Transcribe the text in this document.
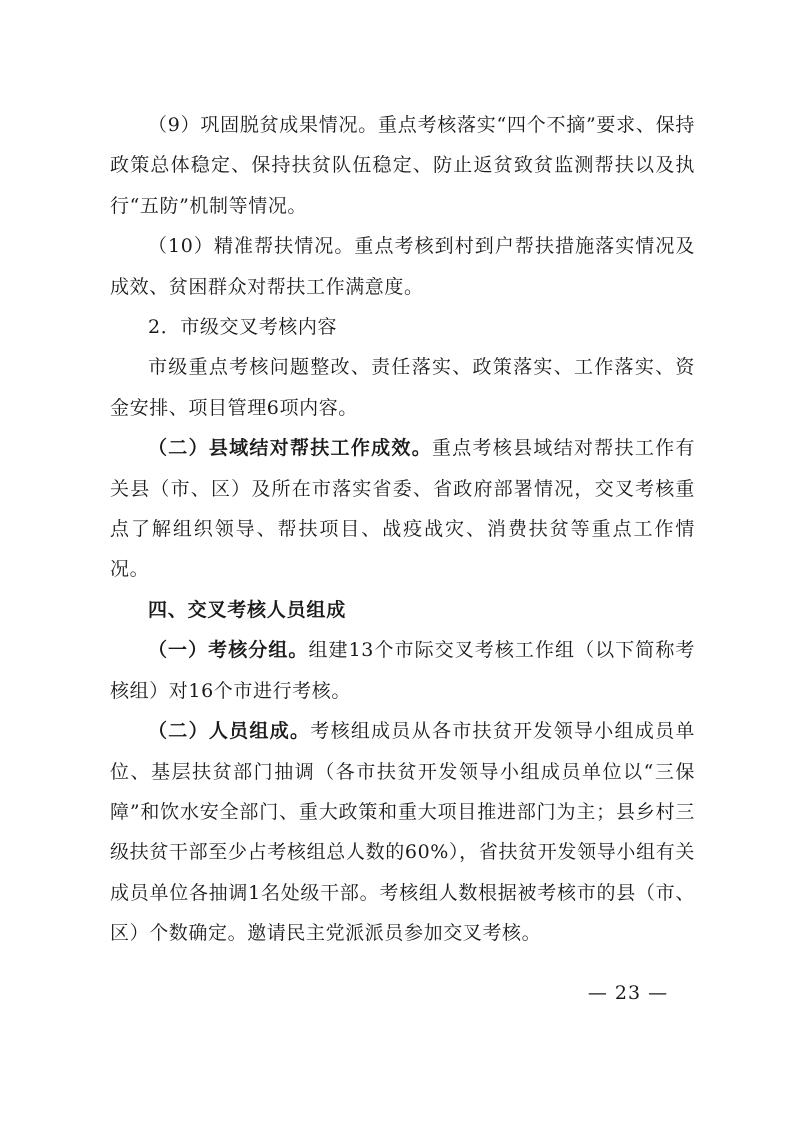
（9）巩固脱贫成果情况。重点考核落实“四个不摘”要求、保持政策总体稳定、保持扶贫队伍稳定、防止返贫致贫监测帮扶以及执行“五防”机制等情况。

（10）精准帮扶情况。重点考核到村到户帮扶措施落实情况及成效、贫困群众对帮扶工作满意度。

2．市级交叉考核内容

市级重点考核问题整改、责任落实、政策落实、工作落实、资金安排、项目管理6项内容。

（二）县域结对帮扶工作成效。重点考核县域结对帮扶工作有关县（市、区）及所在市落实省委、省政府部署情况，交叉考核重点了解组织领导、帮扶项目、战疫战灾、消费扶贫等重点工作情况。

四、交叉考核人员组成

（一）考核分组。组建13个市际交叉考核工作组（以下简称考核组）对16个市进行考核。

（二）人员组成。考核组成员从各市扶贫开发领导小组成员单位、基层扶贫部门抽调（各市扶贫开发领导小组成员单位以“三保障”和饮水安全部门、重大政策和重大项目推进部门为主；县乡村三级扶贫干部至少占考核组总人数的60%），省扶贫开发领导小组有关成员单位各抽调1名处级干部。考核组人数根据被考核市的县（市、区）个数确定。邀请民主党派派员参加交叉考核。

— 23 —
